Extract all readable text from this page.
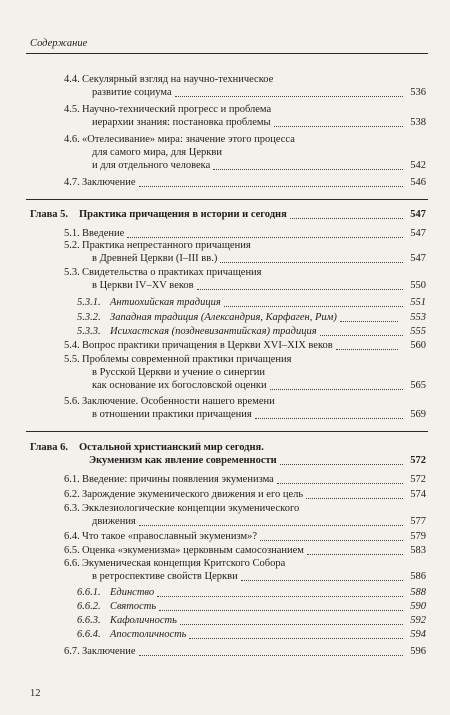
Содержание
4.4. Секулярный взгляд на научно-техническое
развитие социума	536
4.5. Научно-технический прогресс и проблема
иерархии знания: постановка проблемы	538
4.6. «Отелесивание» мира: значение этого процесса
для самого мира, для Церкви
и для отдельного человека	542
4.7. Заключение	546
Глава 5. Практика причащения в истории и сегодня	547
5.1. Введение	547
5.2. Практика непрестанного причащения
в Древней Церкви (I–III вв.)	547
5.3. Свидетельства о практиках причащения
в Церкви IV–XV веков	550
5.3.1. Антиохийская традиция	551
5.3.2. Западная традиция (Александрия, Карфаген, Рим)	553
5.3.3. Исихастская (поздневизантийская) традиция	555
5.4. Вопрос практики причащения в Церкви XVI–XIX веков	560
5.5. Проблемы современной практики причащения
в Русской Церкви и учение о синергии
как основание их богословской оценки	565
5.6. Заключение. Особенности нашего времени
в отношении практики причащения	569
Глава 6. Остальной христианский мир сегодня.
Экуменизм как явление современности	572
6.1. Введение: причины появления экуменизма	572
6.2. Зарождение экуменического движения и его цель	574
6.3. Экклезиологические концепции экуменического
движения	577
6.4. Что такое «православный экуменизм»?	579
6.5. Оценка «экуменизма» церковным самосознанием	583
6.6. Экуменическая концепция Критского Собора
в ретроспективе свойств Церкви	586
6.6.1. Единство	588
6.6.2. Святость	590
6.6.3. Кафоличность	592
6.6.4. Апостоличность	594
6.7. Заключение	596
12
